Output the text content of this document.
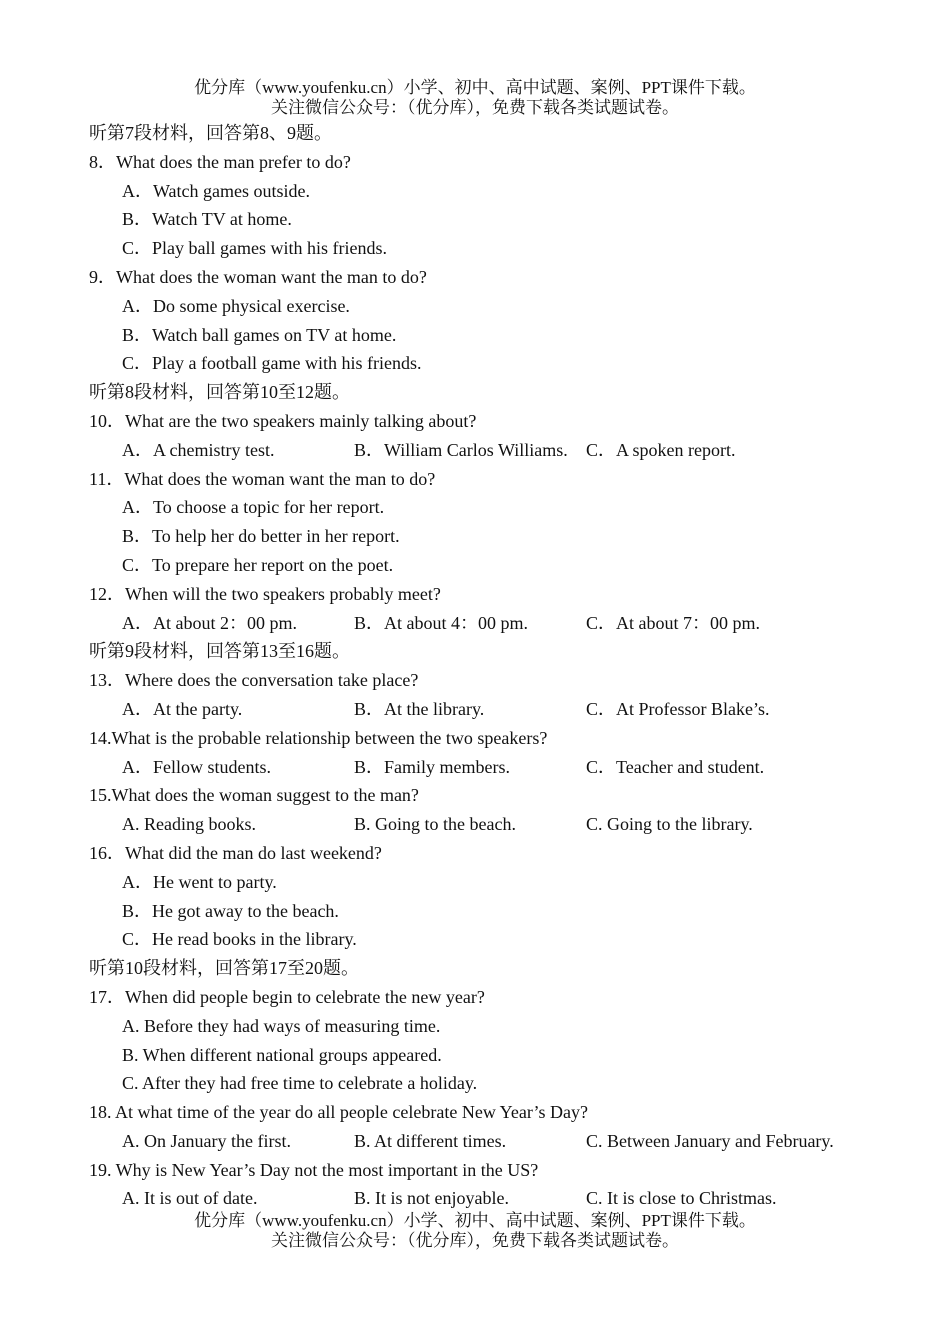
优分库（www.youfenku.cn）小学、初中、高中试题、案例、PPT课件下载。
关注微信公众号：（优分库），免费下载各类试题试卷。
听第7段材料，回答第8、9题。
8．What does the man prefer to do?
A．Watch games outside.
B．Watch TV at home.
C．Play ball games with his friends.
9．What does the woman want the man to do?
A．Do some physical exercise.
B．Watch ball games on TV at home.
C．Play a football game with his friends.
听第8段材料，回答第10至12题。
10．What are the two speakers mainly talking about?
A．A chemistry test.	B．William Carlos Williams. C．A spoken report.
11．What does the woman want the man to do?
A．To choose a topic for her report.
B．To help her do better in her report.
C．To prepare her report on the poet.
12．When will the two speakers probably meet?
A．At about 2：00 pm.	B．At about 4：00 pm.	C．At about 7：00 pm.
听第9段材料，回答第13至16题。
13．Where does the conversation take place?
A．At the party.	B．At the library.	C．At Professor Blake’s.
14.What is the probable relationship between the two speakers?
A．Fellow students.	B．Family members.	C．Teacher and student.
15.What does the woman suggest to the man?
A. Reading books.	B. Going to the beach.	C. Going to the library.
16．What did the man do last weekend?
A．He went to party.
B．He got away to the beach.
C．He read books in the library.
听第10段材料，回答第17至20题。
17．When did people begin to celebrate the new year?
A. Before they had ways of measuring time.
B. When different national groups appeared.
C. After they had free time to celebrate a holiday.
18. At what time of the year do all people celebrate New Year’s Day?
A. On January the first.	B. At different times.	C. Between January and February.
19. Why is New Year’s Day not the most important in the US?
A. It is out of date.	B. It is not enjoyable.	C. It is close to Christmas.
优分库（www.youfenku.cn）小学、初中、高中试题、案例、PPT课件下载。
关注微信公众号：（优分库），免费下载各类试题试卷。
